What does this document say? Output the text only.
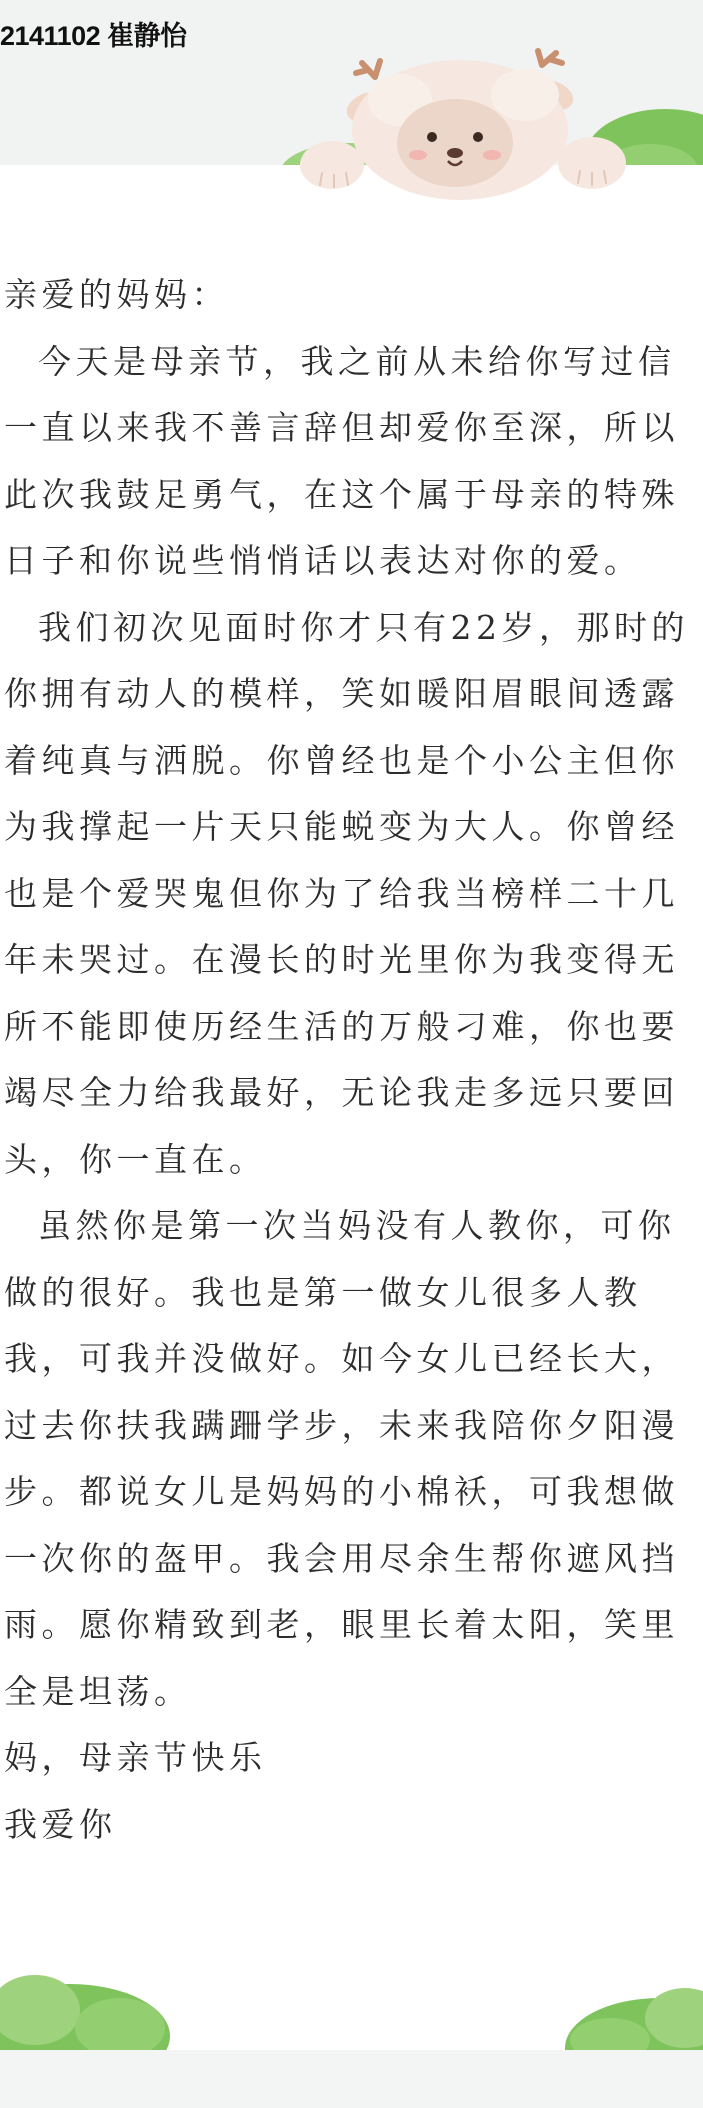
2141102 崔静怡
亲爱的妈妈：
今天是母亲节，我之前从未给你写过信
一直以来我不善言辞但却爱你至深，所以
此次我鼓足勇气，在这个属于母亲的特殊
日子和你说些悄悄话以表达对你的爱。
我们初次见面时你才只有22岁，那时的
你拥有动人的模样，笑如暖阳眉眼间透露
着纯真与洒脱。你曾经也是个小公主但你
为我撑起一片天只能蜕变为大人。你曾经
也是个爱哭鬼但你为了给我当榜样二十几
年未哭过。在漫长的时光里你为我变得无
所不能即使历经生活的万般刁难，你也要
竭尽全力给我最好，无论我走多远只要回
头，你一直在。
虽然你是第一次当妈没有人教你，可你
做的很好。我也是第一做女儿很多人教
我，可我并没做好。如今女儿已经长大，
过去你扶我蹒跚学步，未来我陪你夕阳漫
步。都说女儿是妈妈的小棉袄，可我想做
一次你的盔甲。我会用尽余生帮你遮风挡
雨。愿你精致到老，眼里长着太阳，笑里
全是坦荡。
妈，母亲节快乐
我爱你
